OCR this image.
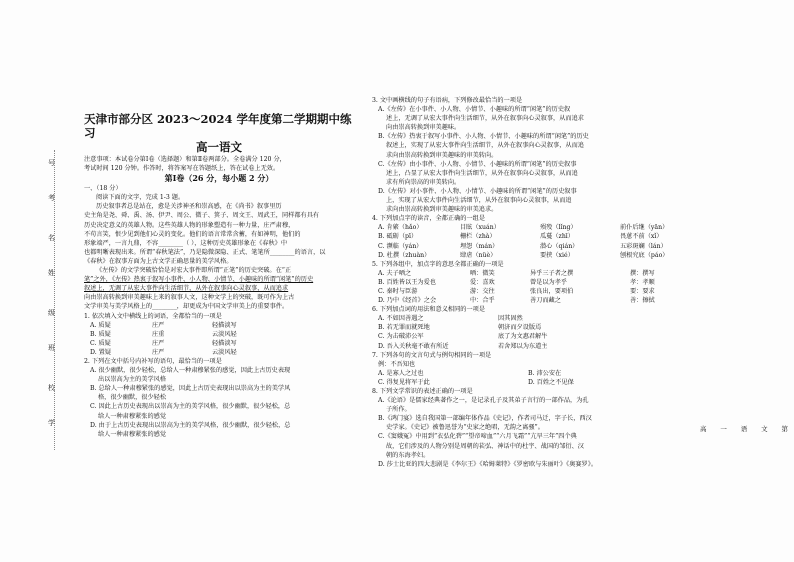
号
考
名
姓
级
班
校
学

天津市部分区 2023～2024 学年度第二学期期中练习

高一语文

注意事项：本试卷分第Ⅰ卷（选择题）和第Ⅱ卷两部分。全卷满分 120 分，

考试时间 120 分钟。作答时，将答案写在答题纸上，答在试卷上无效。

第Ⅰ卷（26 分，每小题 2 分）

一、（18 分）

阅读下面的文字，完成 1-3 题。

历史叙事者总是站在，愈是关涉神圣和崇高感，在《尚书》叙事里历

史主角是尧、舜、禹、汤、伊尹、周公、微子、箕子、周文王、周武王，同样都有具有

历史决定意义的英雄人物。这些英雄人物的形象塑造有一种力量，庄严肃穆，

不苟言笑，恨少见到他们心灵的变化。他们的语言常常含蓄，有如神明，他们的

形象端严，一言九鼎，不容________（ ），这种历史英雄形象在《春秋》中

也都明晰表现出来。所谓“春秋笔法”，乃是隐微深隐、正式、笔笔所________的语言，以

《春秋》在叙事方面为上古文学正确思量的美学风格。

《左传》的文学突破恰恰是对宏大事件即所谓“正笔”的历史突破。在“正

笔”之外，《左传》热衷于叙写小事件、小人物、小情节、小趣味的所谓“闲笔”的历史

叙述上，无调了从宏大事件向生活细节，从外在叙事向心灵叙事，从而追求

向由崇高转换到审美趣味上来的叙事人文，这种文学上的突破，既可作为上古

文学审美与美学风格上的________，却更成为中国文学审美上的重要事件。

1. 依次填入文中横线上的词语，全都恰当的一项是

A. 质疑	庄严	轻描淡写
B. 质疑	庄重	云淡风轻
C. 质疑	庄严	轻描淡写
D. 置疑	庄严	云淡风轻

2. 下列在文中括号内补写的语句，最恰当的一项是

A. 很少幽默，很少轻松，总给人一种肃穆紧张的感觉，因此上古历史表现

出以崇高为主的美学风格

B. 总给人一种肃穆紧张的感觉，因此上古历史表现出以崇高为主的美学风

格，很少幽默，很少轻松

C. 因此上古历史表现出以崇高为主的美学风格，很少幽默，很少轻松，总

给人一种肃穆紧张的感觉

D. 由于上古历史表现出以崇高为主的美学风格，很少幽默，很少轻松，总

给人一种肃穆紧张的感觉

3. 文中画横线的句子有语病，下列修改最恰当的一项是

A.《左传》在小事件、小人物、小情节、小趣味的所谓“闲笔”的历史叙

述上，无调了从宏大事件向生活细节，从外在叙事向心灵叙事，从而追求

向由崇高转换到审美趣味。

B.《左传》热衷于叙写小事件、小人物、小情节、小趣味的所谓“闲笔”的历史

叙述上，实现了从宏大事件向生活细节，从外在叙事向心灵叙事，从而追

求向由崇高转换到审美趣味的审美转向。

C.《左传》由小事件、小人物、小情节、小趣味的所谓“闲笔”的历史叙事

述上，凸显了从宏大事件向生活细节，从外在叙事向心灵叙事，从而追

求有所向崇高的审美转向。

D.《左传》对小事件、小人物、小情节、小趣味的所谓“闲笔”的历史叙事

上，实现了从宏大事件向生活细节，从外在叙事向心灵叙事，从而追

求向由崇高转换到审美趣味的审美追求。

4. 下列加点字的读音，全都正确的一组是

A. 肯綮（hǎo）	目眩（xuán）	殒殁（lǐng）	前仆后继（yān）
B. 砥砺（pī）	栅栏（zhà）	瓜蔓（zhī）	畏葸不前（xǐ）
C. 濒临（yán）	埋怨（mán）	潜心（qián）	五彩斑斓（lán）
D. 杜撰（zhuàn）	肆虐（nüè）	要挟（xié）	刨根究底（páo）

5. 下列各组中，加点字的意思全都正确的一项是

A. 夫子哂之	哂：微笑	异乎三子者之撰	撰：撰写
B. 百姓皆以王为爱也	爱：喜欢	曾是以为孝乎	孝：孝顺
C. 秦时与臣游	游：交往	张良出，要项伯	要：要求
D. 乃中《经首》之会	中：合乎	善刀而藏之	善：擦拭

6. 下列加点词的用法和意义相同的一项是

A. 不如因善遇之	因其固然
B. 若无罪而就死地	朝济而夕设版焉
C. 为击破沛公军	底了为文惠君解牛
D. 吾入关秋毫不敢有所近	若舍郑以为东道主

7. 下列各句的文言句式与例句相同的一项是

例：不吾知也

A. 是寡人之过也	B. 沛公安在
C. 得复见将军于此	D. 百姓之不见保

8. 下列文学常识的表述正确的一项是

A.《论语》是儒家经典著作之一，是记录孔子及其弟子言行的一部作品，为孔

子所作。

B.《鸿门宴》选自我国第一部编年体作品《史记》，作者司马迁，字子长，西汉

史学家。《史记》被鲁迅誉为“史家之绝唱，无韵之离骚”。

C.《窦娥冤》中用到“衣弘化碧”“望帝啼血”“六月飞霜”“亢旱三年”四个典

故，它们涉及的人物分别是周朝的苌弘、神话中的杜宇、战国的邹衍、汉

朝的东海孝妇。

D. 莎士比亚的四大悲剧是《李尔王》《哈姆莱特》《罗密欧与朱丽叶》《奥赛罗》。

高 一 语 文 第
